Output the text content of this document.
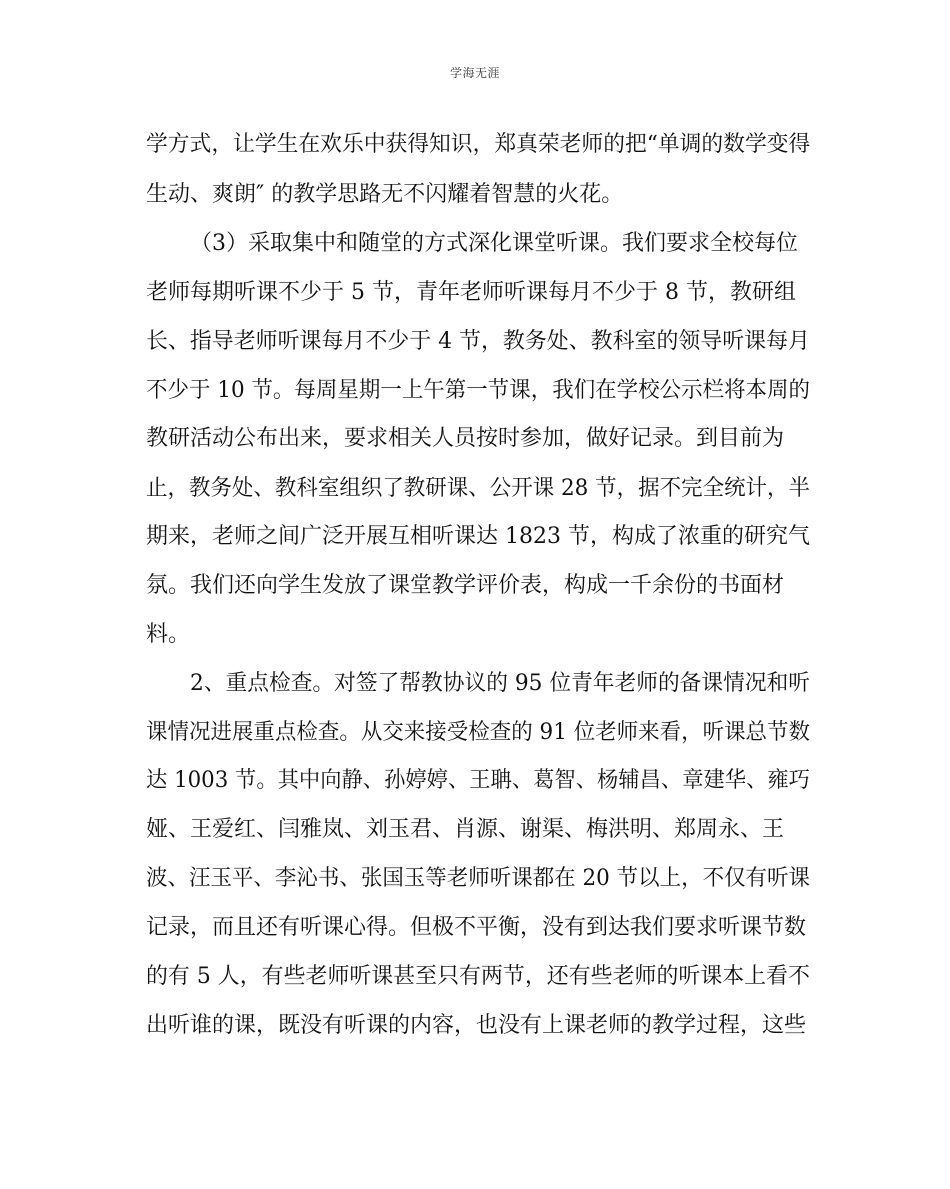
学海无涯
学方式，让学生在欢乐中获得知识，郑真荣老师的把“单调的数学变得
生动、爽朗″ 的教学思路无不闪耀着智慧的火花。
（3）采取集中和随堂的方式深化课堂听课。我们要求全校每位
老师每期听课不少于 5 节，青年老师听课每月不少于 8 节，教研组
长、指导老师听课每月不少于 4 节，教务处、教科室的领导听课每月
不少于 10 节。每周星期一上午第一节课，我们在学校公示栏将本周的
教研活动公布出来，要求相关人员按时参加，做好记录。到目前为
止，教务处、教科室组织了教研课、公开课 28 节，据不完全统计，半
期来，老师之间广泛开展互相听课达 1823 节，构成了浓重的研究气
氛。我们还向学生发放了课堂教学评价表，构成一千余份的书面材
料。
2、重点检查。对签了帮教协议的 95 位青年老师的备课情况和听
课情况进展重点检查。从交来接受检查的 91 位老师来看，听课总节数
达 1003 节。其中向静、孙婷婷、王聃、葛智、杨辅昌、章建华、雍巧
娅、王爱红、闫雅岚、刘玉君、肖源、谢渠、梅洪明、郑周永、王
波、汪玉平、李沁书、张国玉等老师听课都在 20 节以上，不仅有听课
记录，而且还有听课心得。但极不平衡，没有到达我们要求听课节数
的有 5 人，有些老师听课甚至只有两节，还有些老师的听课本上看不
出听谁的课，既没有听课的内容，也没有上课老师的教学过程，这些
